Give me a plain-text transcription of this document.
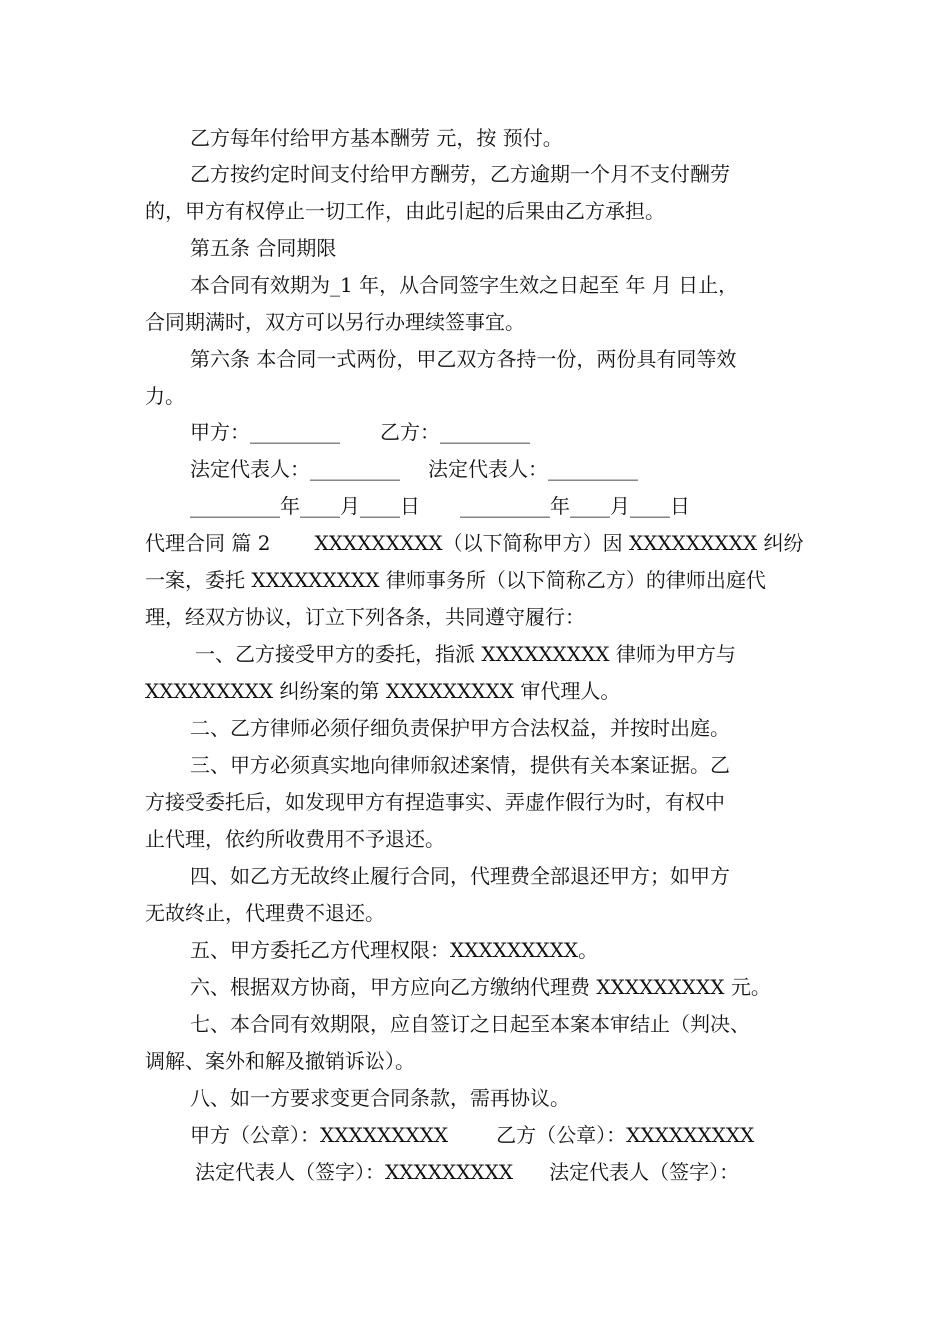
乙方每年付给甲方基本酬劳 元，按 预付。
乙方按约定时间支付给甲方酬劳，乙方逾期一个月不支付酬劳
的，甲方有权停止一切工作，由此引起的后果由乙方承担。
第五条 合同期限
本合同有效期为_1 年，从合同签字生效之日起至 年 月 日止，
合同期满时，双方可以另行办理续签事宜。
第六条 本合同一式两份，甲乙双方各持一份，两份具有同等效
力。
甲方：_________ 乙方：_________
法定代表人：_________ 法定代表人：_________
_________年____月____日 _________年____月____日
代理合同 篇 2 XXXXXXXXX（以下简称甲方）因 XXXXXXXXX 纠纷
一案，委托 XXXXXXXXX 律师事务所（以下简称乙方）的律师出庭代
理，经双方协议，订立下列各条，共同遵守履行：
一、乙方接受甲方的委托，指派 XXXXXXXXX 律师为甲方与
XXXXXXXXX 纠纷案的第 XXXXXXXXX 审代理人。
二、乙方律师必须仔细负责保护甲方合法权益，并按时出庭。
三、甲方必须真实地向律师叙述案情，提供有关本案证据。乙
方接受委托后，如发现甲方有捏造事实、弄虚作假行为时，有权中
止代理，依约所收费用不予退还。
四、如乙方无故终止履行合同，代理费全部退还甲方；如甲方
无故终止，代理费不退还。
五、甲方委托乙方代理权限：XXXXXXXXX。
六、根据双方协商，甲方应向乙方缴纳代理费 XXXXXXXXX 元。
七、本合同有效期限，应自签订之日起至本案本审结止（判决、
调解、案外和解及撤销诉讼）。
八、如一方要求变更合同条款，需再协议。
甲方（公章）：XXXXXXXXX 乙方（公章）：XXXXXXXXX
法定代表人（签字）：XXXXXXXXX 法定代表人（签字）：
